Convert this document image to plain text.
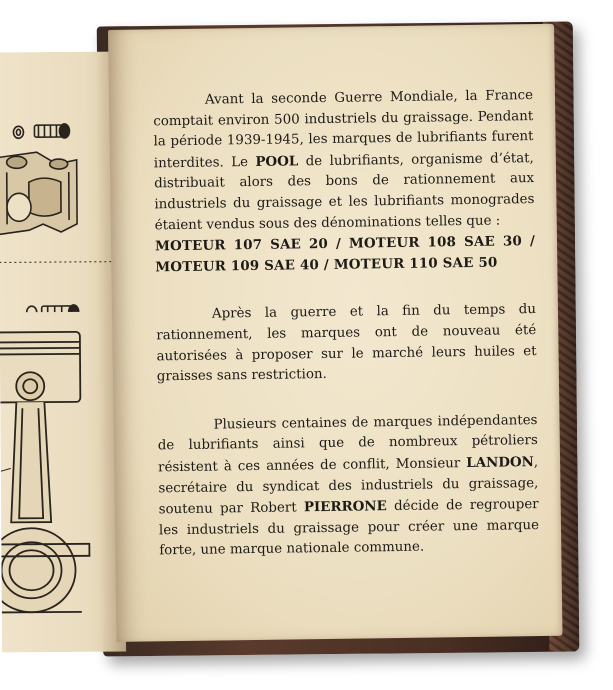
Avant la seconde Guerre Mondiale, la France comptait environ 500 industriels du graissage. Pendant la période 1939-1945, les marques de lubrifiants furent interdites. Le POOL de lubrifiants, organisme d’état, distribuait alors des bons de rationnement aux industriels du graissage et les lubrifiants monogrades étaient vendus sous des dénominations telles que :

MOTEUR 107 SAE 20 / MOTEUR 108 SAE 30 /

MOTEUR 109 SAE 40 / MOTEUR 110 SAE 50

Après la guerre et la fin du temps du rationnement, les marques ont de nouveau été autorisées à proposer sur le marché leurs huiles et graisses sans restriction.

Plusieurs centaines de marques indépendantes de lubrifiants ainsi que de nombreux pétroliers résistent à ces années de conflit, Monsieur LANDON, secrétaire du syndicat des industriels du graissage, soutenu par Robert PIERRONE décide de regrouper les industriels du graissage pour créer une marque forte, une marque nationale commune.
